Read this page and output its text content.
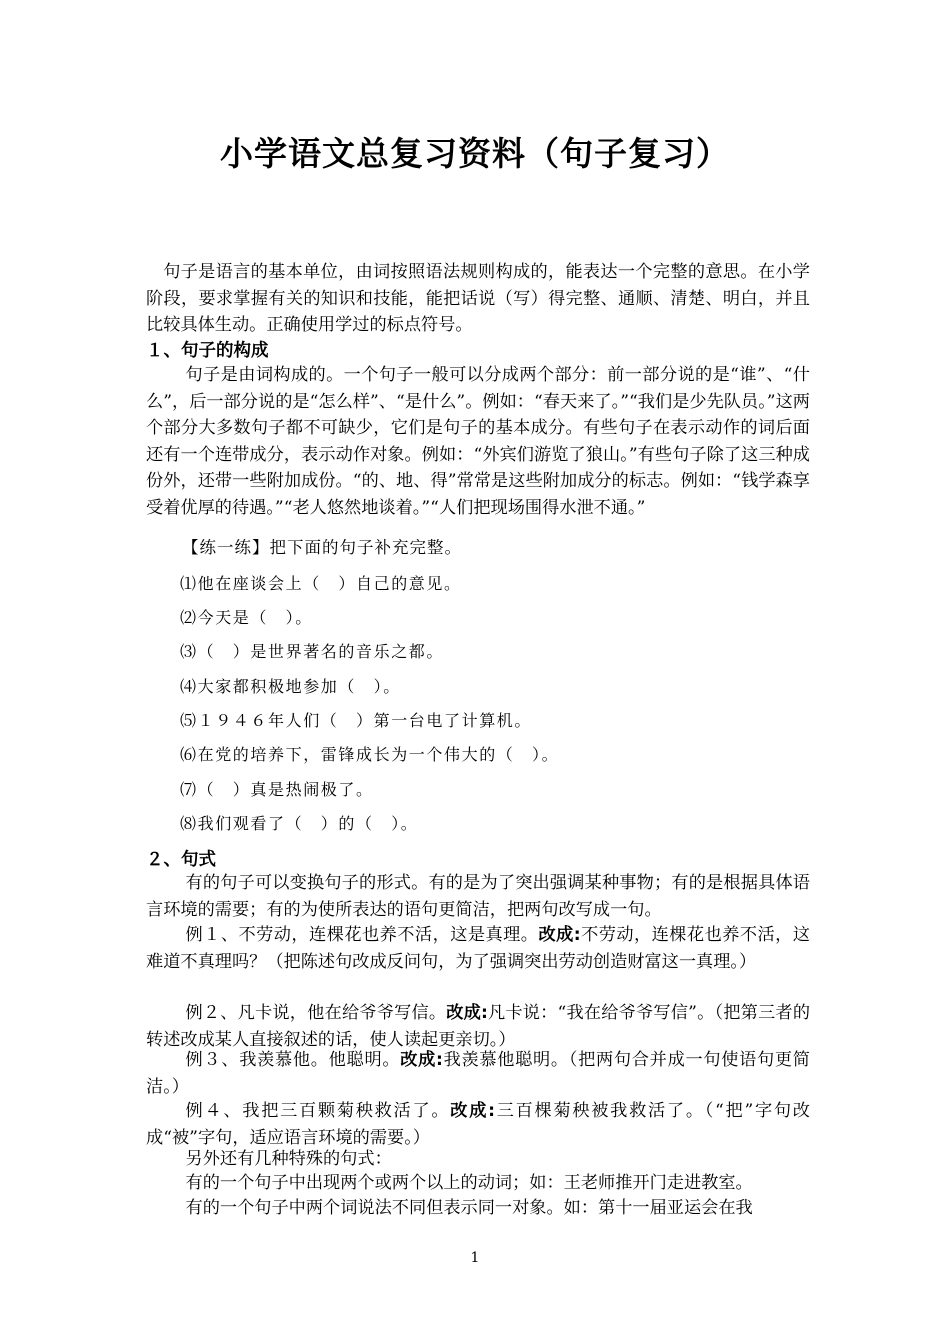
小学语文总复习资料（句子复习）

句子是语言的基本单位，由词按照语法规则构成的，能表达一个完整的意思。在小学阶段，要求掌握有关的知识和技能，能把话说（写）得完整、通顺、清楚、明白，并且比较具体生动。正确使用学过的标点符号。

１、句子的构成

句子是由词构成的。一个句子一般可以分成两个部分：前一部分说的是“谁”、“什么”，后一部分说的是“怎么样”、“是什么”。例如：“春天来了。”“我们是少先队员。”这两个部分大多数句子都不可缺少，它们是句子的基本成分。有些句子在表示动作的词后面还有一个连带成分，表示动作对象。例如：“外宾们游览了狼山。”有些句子除了这三种成份外，还带一些附加成份。“的、地、得”常常是这些附加成分的标志。例如：“钱学森享受着优厚的待遇。”“老人悠然地谈着。”“人们把现场围得水泄不通。”

【练一练】把下面的句子补充完整。

⑴他在座谈会上（　）自己的意见。

⑵今天是（　）。

⑶（　）是世界著名的音乐之都。

⑷大家都积极地参加（　）。

⑸１９４６年人们（　）第一台电了计算机。

⑹在党的培养下，雷锋成长为一个伟大的（　）。

⑺（　）真是热闹极了。

⑻我们观看了（　）的（　）。

２、句式

有的句子可以变换句子的形式。有的是为了突出强调某种事物；有的是根据具体语言环境的需要；有的为使所表达的语句更简洁，把两句改写成一句。

例１、不劳动，连棵花也养不活，这是真理。改成:不劳动，连棵花也养不活，这难道不真理吗？（把陈述句改成反问句，为了强调突出劳动创造财富这一真理。）

例２、凡卡说，他在给爷爷写信。改成:凡卡说：“我在给爷爷写信”。（把第三者的转述改成某人直接叙述的话，使人读起更亲切。）

例３、我羡慕他。他聪明。改成:我羡慕他聪明。（把两句合并成一句使语句更简洁。）

例４、我把三百颗菊秧救活了。改成:三百棵菊秧被我救活了。（“把”字句改成“被”字句，适应语言环境的需要。）

另外还有几种特殊的句式：

有的一个句子中出现两个或两个以上的动词；如：王老师推开门走进教室。

有的一个句子中两个词说法不同但表示同一对象。如：第十一届亚运会在我

1
